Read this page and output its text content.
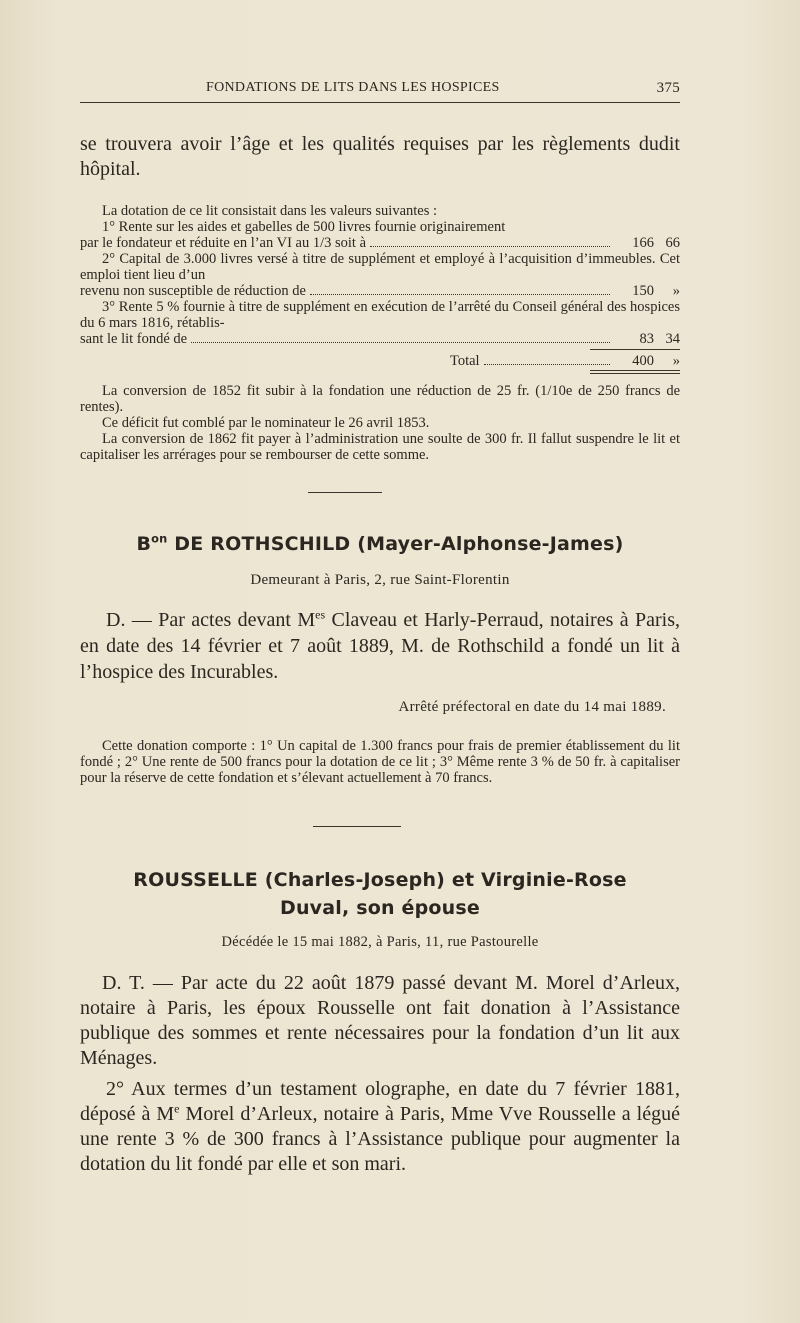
FONDATIONS DE LITS DANS LES HOSPICES	375

se trouvera avoir l’âge et les qualités requises par les règlements dudit hôpital.

La dotation de ce lit consistait dans les valeurs suivantes :

1° Rente sur les aides et gabelles de 500 livres fournie originairement

par le fondateur et réduite en l’an VI au 1/3 soit à	166 66

2° Capital de 3.000 livres versé à titre de supplément et employé à l’acquisition d’immeubles. Cet emploi tient lieu d’un

revenu non susceptible de réduction de	150 »

3° Rente 5 % fournie à titre de supplément en exécution de l’arrêté du Conseil général des hospices du 6 mars 1816, rétablis-

sant le lit fondé de	83 34
Total	400 »

La conversion de 1852 fit subir à la fondation une réduction de 25 fr. (1/10e de 250 francs de rentes).

Ce déficit fut comblé par le nominateur le 26 avril 1853.

La conversion de 1862 fit payer à l’administration une soulte de 300 fr. Il fallut suspendre le lit et capitaliser les arrérages pour se rembourser de cette somme.

$B^{on}$ DE ROTHSCHILD (Mayer-Alphonse-James)

Demeurant à Paris, 2, rue Saint-Florentin

D. — Par actes devant $M^{es}$ Claveau et Harly-Perraud, notaires à Paris, en date des 14 février et 7 août 1889, M. de Rothschild a fondé un lit à l’hospice des Incurables.

Arrêté préfectoral en date du 14 mai 1889.

Cette donation comporte : 1° Un capital de 1.300 francs pour frais de premier établissement du lit fondé ; 2° Une rente de 500 francs pour la dotation de ce lit ; 3° Même rente 3 % de 50 fr. à capitaliser pour la réserve de cette fondation et s’élevant actuellement à 70 francs.

ROUSSELLE (Charles-Joseph) et Virginie-Rose

Duval, son épouse

Décédée le 15 mai 1882, à Paris, 11, rue Pastourelle

D. T. — Par acte du 22 août 1879 passé devant M. Morel d’Arleux, notaire à Paris, les époux Rousselle ont fait donation à l’Assistance publique des sommes et rente nécessaires pour la fondation d’un lit aux Ménages.

2° Aux termes d’un testament olographe, en date du 7 février 1881, déposé à Me Morel d’Arleux, notaire à Paris, Mme Vve Rousselle a légué une rente 3 % de 300 francs à l’Assistance publique pour augmenter la dotation du lit fondé par elle et son mari.
